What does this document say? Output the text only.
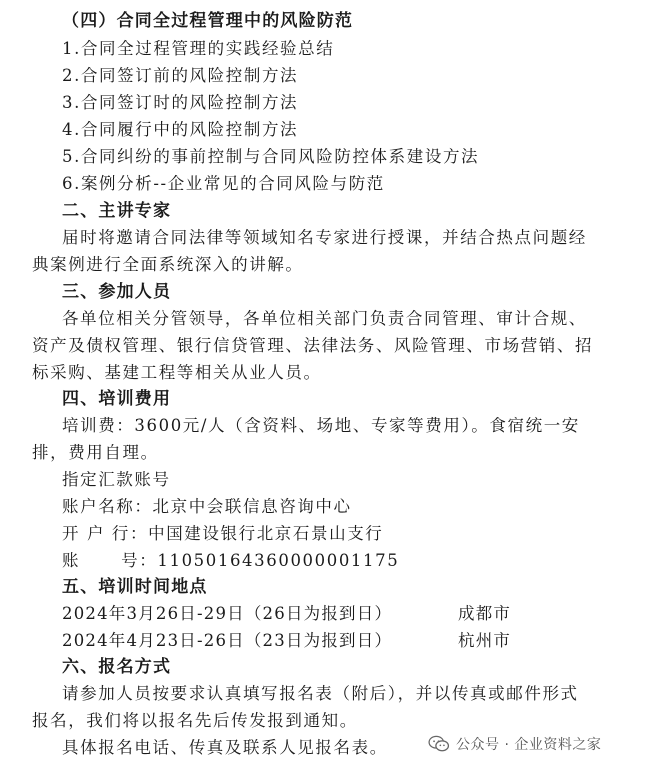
（四）合同全过程管理中的风险防范
1.合同全过程管理的实践经验总结
2.合同签订前的风险控制方法
3.合同签订时的风险控制方法
4.合同履行中的风险控制方法
5.合同纠纷的事前控制与合同风险防控体系建设方法
6.案例分析--企业常见的合同风险与防范
二、主讲专家
届时将邀请合同法律等领域知名专家进行授课，并结合热点问题经
典案例进行全面系统深入的讲解。
三、参加人员
各单位相关分管领导，各单位相关部门负责合同管理、审计合规、
资产及债权管理、银行信贷管理、法律法务、风险管理、市场营销、招
标采购、基建工程等相关从业人员。
四、培训费用
培训费：3600元/人（含资料、场地、专家等费用）。食宿统一安
排，费用自理。
指定汇款账号
账户名称：北京中会联信息咨询中心
开 户 行：中国建设银行北京石景山支行
账      号：11050164360000001175
五、培训时间地点
2024年3月26日-29日（26日为报到日）	成都市
2024年4月23日-26日（23日为报到日）	杭州市
六、报名方式
请参加人员按要求认真填写报名表（附后），并以传真或邮件形式
报名，我们将以报名先后传发报到通知。
具体报名电话、传真及联系人见报名表。	公众号 · 企业资料之家
